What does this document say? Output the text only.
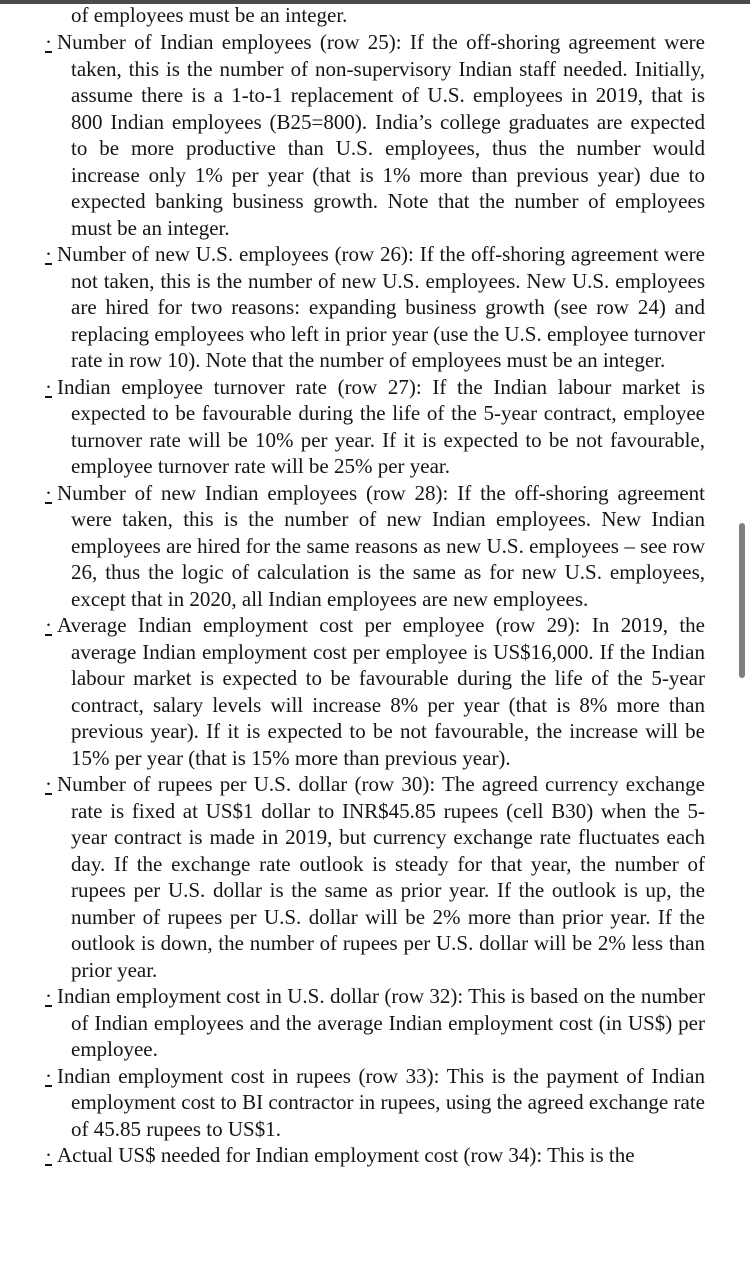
of employees must be an integer.
· Number of Indian employees (row 25): If the off-shoring agreement were taken, this is the number of non-supervisory Indian staff needed. Initially, assume there is a 1-to-1 replacement of U.S. employees in 2019, that is 800 Indian employees (B25=800). India’s college graduates are expected to be more productive than U.S. employees, thus the number would increase only 1% per year (that is 1% more than previous year) due to expected banking business growth. Note that the number of employees must be an integer.
· Number of new U.S. employees (row 26): If the off-shoring agreement were not taken, this is the number of new U.S. employees. New U.S. employees are hired for two reasons: expanding business growth (see row 24) and replacing employees who left in prior year (use the U.S. employee turnover rate in row 10). Note that the number of employees must be an integer.
· Indian employee turnover rate (row 27): If the Indian labour market is expected to be favourable during the life of the 5-year contract, employee turnover rate will be 10% per year. If it is expected to be not favourable, employee turnover rate will be 25% per year.
· Number of new Indian employees (row 28): If the off-shoring agreement were taken, this is the number of new Indian employees. New Indian employees are hired for the same reasons as new U.S. employees – see row 26, thus the logic of calculation is the same as for new U.S. employees, except that in 2020, all Indian employees are new employees.
· Average Indian employment cost per employee (row 29): In 2019, the average Indian employment cost per employee is US$16,000. If the Indian labour market is expected to be favourable during the life of the 5-year contract, salary levels will increase 8% per year (that is 8% more than previous year). If it is expected to be not favourable, the increase will be 15% per year (that is 15% more than previous year).
· Number of rupees per U.S. dollar (row 30): The agreed currency exchange rate is fixed at US$1 dollar to INR$45.85 rupees (cell B30) when the 5-year contract is made in 2019, but currency exchange rate fluctuates each day. If the exchange rate outlook is steady for that year, the number of rupees per U.S. dollar is the same as prior year. If the outlook is up, the number of rupees per U.S. dollar will be 2% more than prior year. If the outlook is down, the number of rupees per U.S. dollar will be 2% less than prior year.
· Indian employment cost in U.S. dollar (row 32): This is based on the number of Indian employees and the average Indian employment cost (in US$) per employee.
· Indian employment cost in rupees (row 33): This is the payment of Indian employment cost to BI contractor in rupees, using the agreed exchange rate of 45.85 rupees to US$1.
· Actual US$ needed for Indian employment cost (row 34): This is the
